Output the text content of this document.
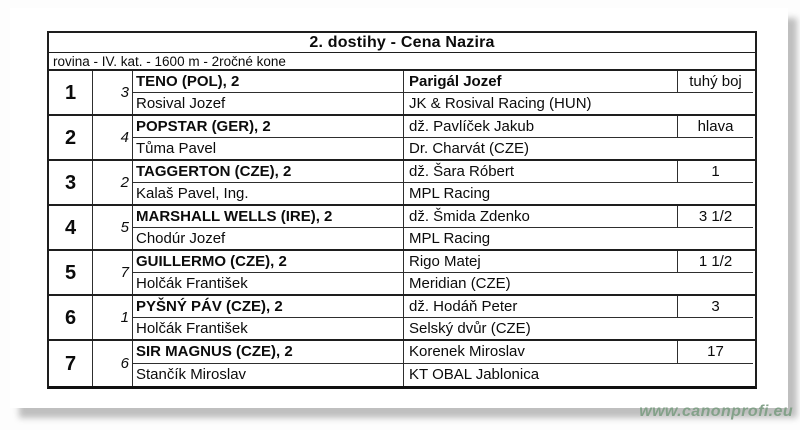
2. dostihy - Cena Nazira
rovina - IV. kat. - 1600 m - 2ročné kone
1	3
TENO (POL), 2	Parigál Jozef	tuhý boj
Rosival Jozef	JK & Rosival Racing (HUN)
2	4
POPSTAR (GER), 2	dž. Pavlíček Jakub	hlava
Tůma Pavel	Dr. Charvát (CZE)
3	2
TAGGERTON (CZE), 2	dž. Šara Róbert	1
Kalaš Pavel, Ing.	MPL Racing
4	5
MARSHALL WELLS (IRE), 2	dž. Šmida Zdenko	3 1/2
Chodúr Jozef	MPL Racing
5	7
GUILLERMO (CZE), 2	Rigo Matej	1 1/2
Holčák František	Meridian (CZE)
6	1
PYŠNÝ PÁV (CZE), 2	dž. Hodáň Peter	3
Holčák František	Selský dvůr (CZE)
7	6
SIR MAGNUS (CZE), 2	Korenek Miroslav	17
Stančík Miroslav	KT OBAL Jablonica
www.canonprofi.eu
